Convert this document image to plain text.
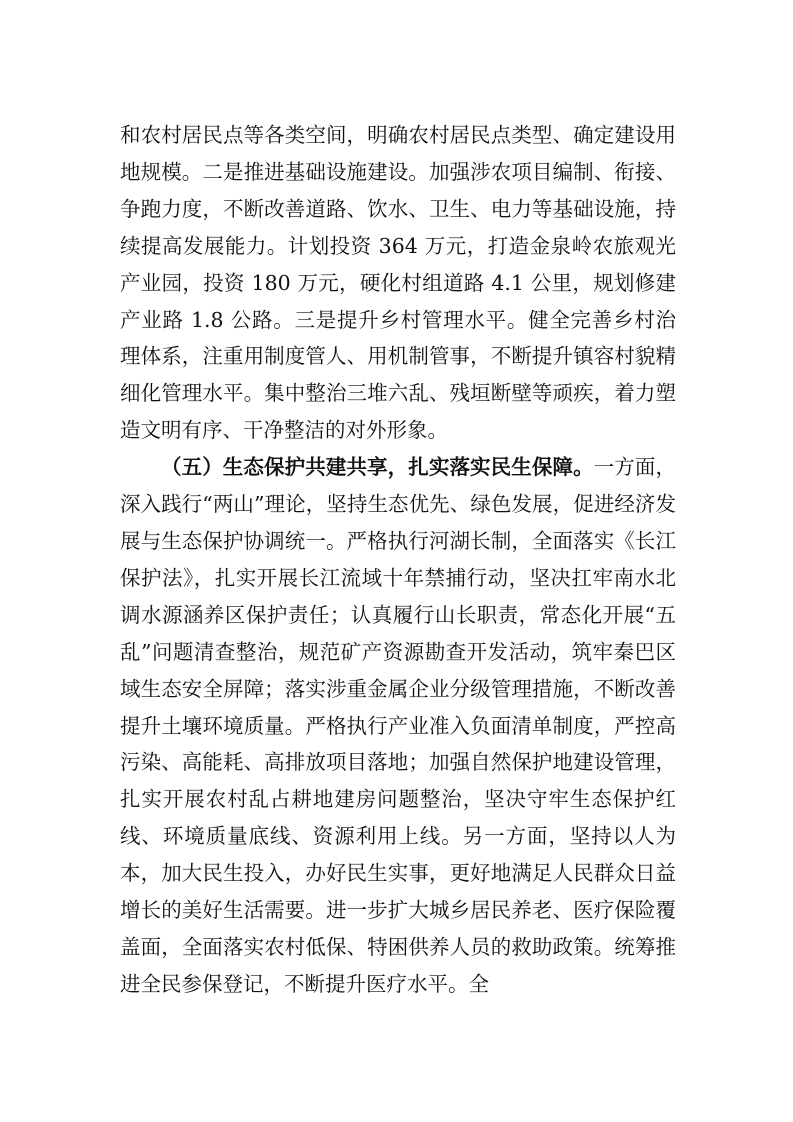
和农村居民点等各类空间，明确农村居民点类型、确定建设用地规模。二是推进基础设施建设。加强涉农项目编制、衔接、争跑力度，不断改善道路、饮水、卫生、电力等基础设施，持续提高发展能力。计划投资 364 万元，打造金泉岭农旅观光产业园，投资 180 万元，硬化村组道路 4.1 公里，规划修建产业路 1.8 公路。三是提升乡村管理水平。健全完善乡村治理体系，注重用制度管人、用机制管事，不断提升镇容村貌精细化管理水平。集中整治三堆六乱、残垣断壁等顽疾，着力塑造文明有序、干净整洁的对外形象。

（五）生态保护共建共享，扎实落实民生保障。一方面，深入践行“两山”理论，坚持生态优先、绿色发展，促进经济发展与生态保护协调统一。严格执行河湖长制，全面落实《长江保护法》，扎实开展长江流域十年禁捕行动，坚决扛牢南水北调水源涵养区保护责任；认真履行山长职责，常态化开展“五乱”问题清查整治，规范矿产资源勘查开发活动，筑牢秦巴区域生态安全屏障；落实涉重金属企业分级管理措施，不断改善提升土壤环境质量。严格执行产业准入负面清单制度，严控高污染、高能耗、高排放项目落地；加强自然保护地建设管理，扎实开展农村乱占耕地建房问题整治，坚决守牢生态保护红线、环境质量底线、资源利用上线。另一方面，坚持以人为本，加大民生投入，办好民生实事，更好地满足人民群众日益增长的美好生活需要。进一步扩大城乡居民养老、医疗保险覆盖面，全面落实农村低保、特困供养人员的救助政策。统筹推进全民参保登记，不断提升医疗水平。全
